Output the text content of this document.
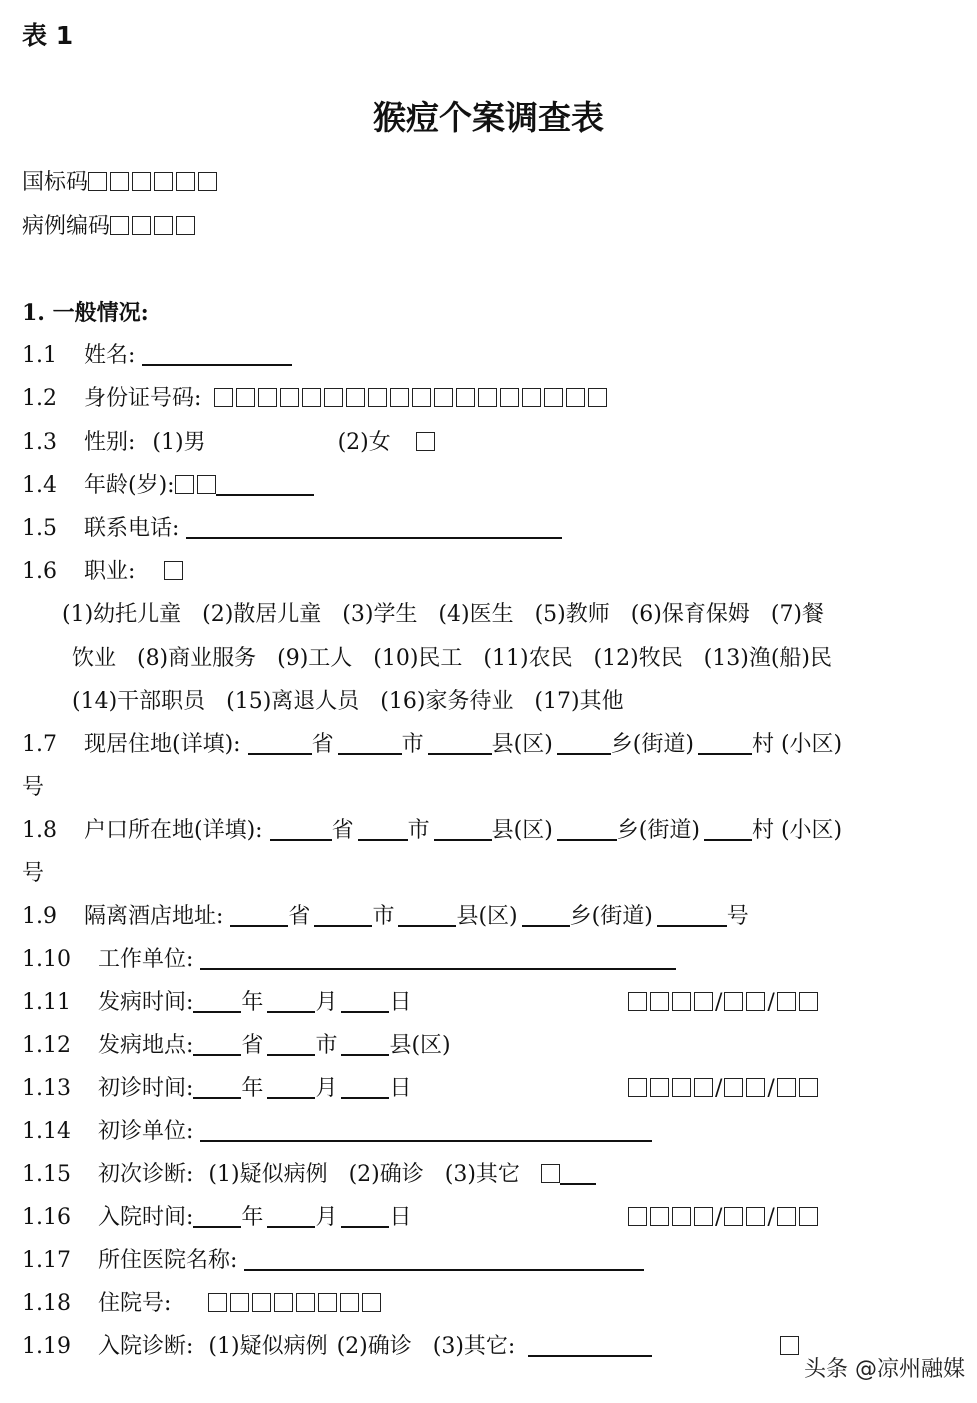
表 1
猴痘个案调查表
国标码
病例编码
1. 一般情况:
1.1 姓名:
1.2 身份证号码:
1.3 性别: (1)男	(2)女
1.4 年龄(岁):
1.5 联系电话:
1.6 职业:
(1)幼托儿童   (2)散居儿童   (3)学生   (4)医生   (5)教师   (6)保育保姆   (7)餐
饮业   (8)商业服务   (9)工人   (10)民工   (11)农民   (12)牧民   (13)渔(船)民
(14)干部职员   (15)离退人员   (16)家务待业   (17)其他
1.7 现居住地(详填):	省	市	县(区)	乡(街道)	村 (小区)
号
1.8 户口所在地(详填):	省 市	县(区)	乡(街道) 村 (小区)
号
1.9 隔离酒店地址:	省	市	县(区) 乡(街道)	号
1.10 工作单位:
1.11 发病时间: 年 月 日	/ /
1.12 发病地点: 省 市 县(区)
1.13 初诊时间: 年 月 日	/ /
1.14 初诊单位:
1.15 初次诊断: (1)疑似病例 (2)确诊 (3)其它
1.16 入院时间: 年 月 日	/ /
1.17 所住医院名称:
1.18 住院号:
1.19 入院诊断: (1)疑似病例 (2)确诊 (3)其它:
头条 @凉州融媒
